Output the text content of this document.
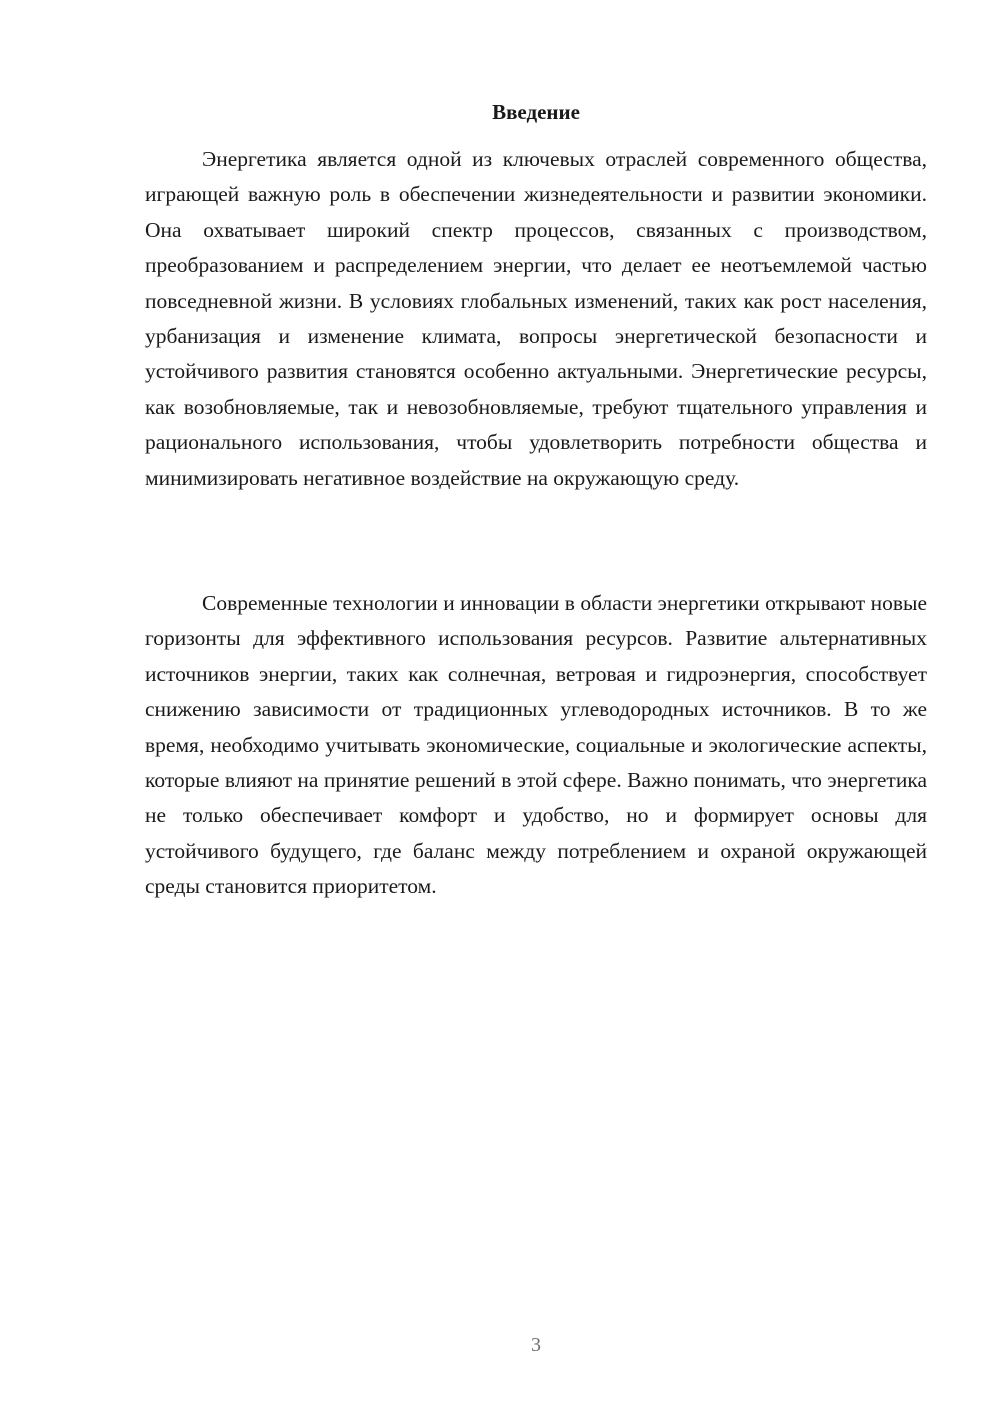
Введение

Энергетика является одной из ключевых отраслей современного общества, играющей важную роль в обеспечении жизнедеятельности и развитии экономики. Она охватывает широкий спектр процессов, связанных с производством, преобразованием и распределением энергии, что делает ее неотъемлемой частью повседневной жизни. В условиях глобальных изменений, таких как рост населения, урбанизация и изменение климата, вопросы энергетической безопасности и устойчивого развития становятся особенно актуальными. Энергетические ресурсы, как возобновляемые, так и невозобновляемые, требуют тщательного управления и рационального использования, чтобы удовлетворить потребности общества и минимизировать негативное воздействие на окружающую среду.

Современные технологии и инновации в области энергетики открывают новые горизонты для эффективного использования ресурсов. Развитие альтернативных источников энергии, таких как солнечная, ветровая и гидроэнергия, способствует снижению зависимости от традиционных углеводородных источников. В то же время, необходимо учитывать экономические, социальные и экологические аспекты, которые влияют на принятие решений в этой сфере. Важно понимать, что энергетика не только обеспечивает комфорт и удобство, но и формирует основы для устойчивого будущего, где баланс между потреблением и охраной окружающей среды становится приоритетом.

3
